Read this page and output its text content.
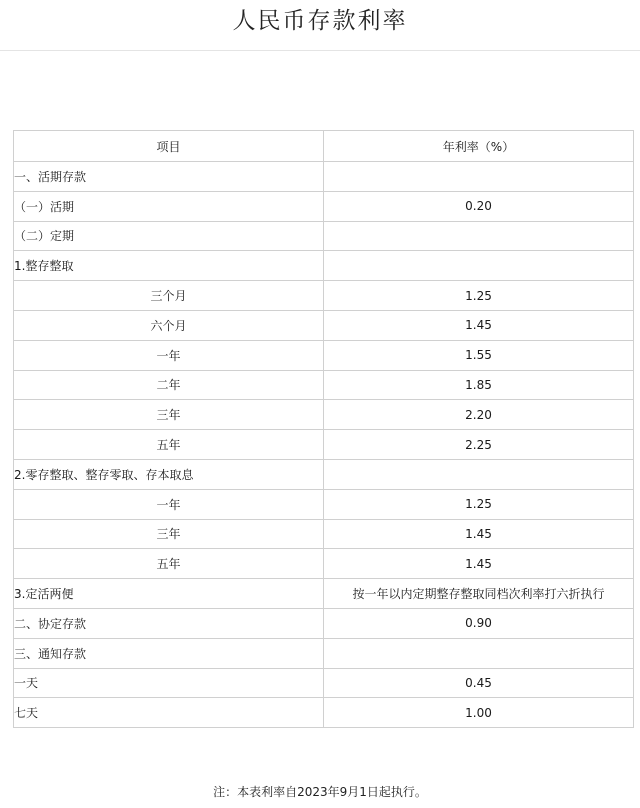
人民币存款利率
项目	年利率（%）
一、活期存款	
（一）活期	0.20
（二）定期	
1.整存整取	
三个月	1.25
六个月	1.45
一年	1.55
二年	1.85
三年	2.20
五年	2.25
2.零存整取、整存零取、存本取息	
一年	1.25
三年	1.45
五年	1.45
3.定活两便	按一年以内定期整存整取同档次利率打六折执行
二、协定存款	0.90
三、通知存款	
一天	0.45
七天	1.00
注：本表利率自2023年9月1日起执行。
